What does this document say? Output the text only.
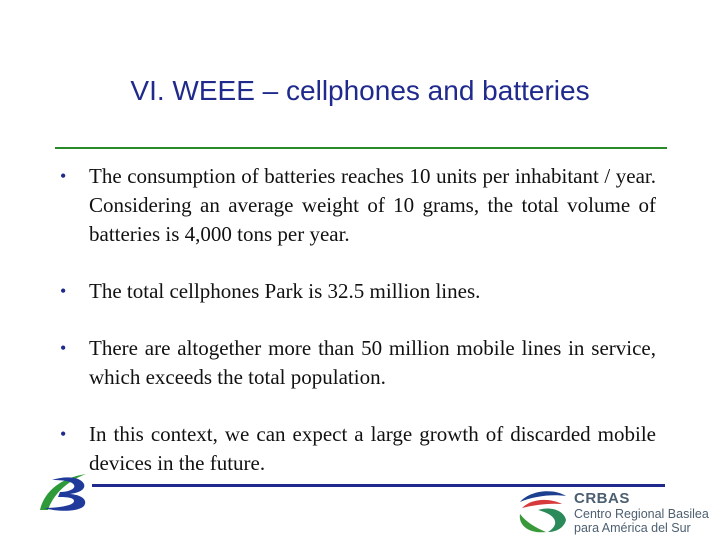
VI. WEEE – cellphones and batteries
• The consumption of batteries reaches 10 units per inhabitant / year. Considering an average weight of 10 grams, the total volume of batteries is 4,000 tons per year.
• The total cellphones Park is 32.5 million lines.
• There are altogether more than 50 million mobile lines in service, which exceeds the total population.
• In this context, we can expect a large growth of discarded mobile devices in the future.
CRBAS
Centro Regional Basilea
para América del Sur
